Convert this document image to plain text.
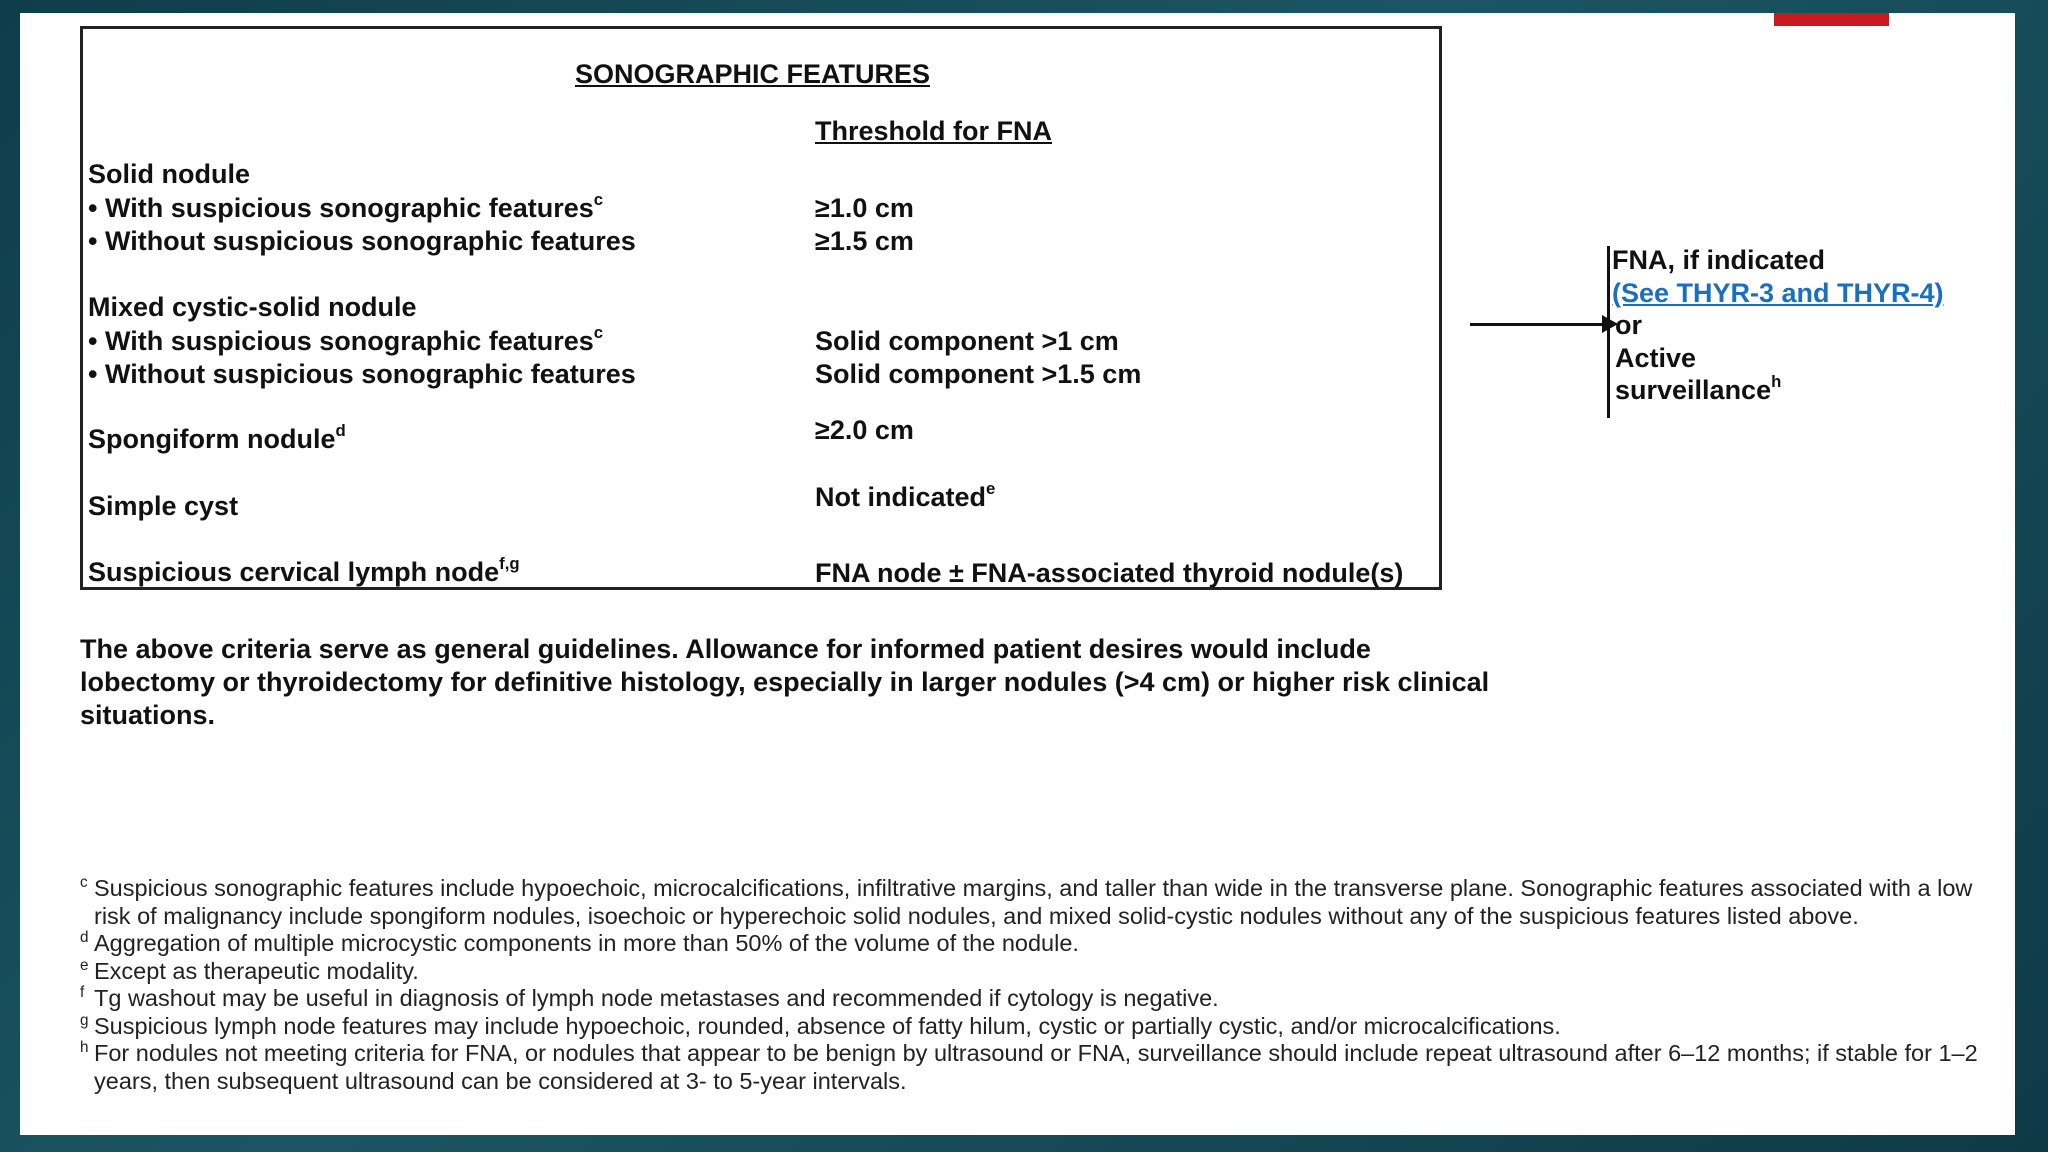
SONOGRAPHIC FEATURES
Threshold for FNA
Solid nodule
• With suspicious sonographic features$^c$	≥1.0 cm
• Without suspicious sonographic features	≥1.5 cm
Mixed cystic-solid nodule
• With suspicious sonographic features$^c$	Solid component >1 cm
• Without suspicious sonographic features	Solid component >1.5 cm
Spongiform nodule$^d$	≥2.0 cm
Simple cyst	Not indicated$^e$
Suspicious cervical lymph node$^{f,g}$	FNA node ± FNA-associated thyroid nodule(s)
FNA, if indicated
(See THYR-3 and THYR-4)
or
Active
surveillance$^h$
The above criteria serve as general guidelines. Allowance for informed patient desires would include lobectomy or thyroidectomy for definitive histology, especially in larger nodules (>4 cm) or higher risk clinical situations.
c Suspicious sonographic features include hypoechoic, microcalcifications, infiltrative margins, and taller than wide in the transverse plane. Sonographic features associated with a low risk of malignancy include spongiform nodules, isoechoic or hyperechoic solid nodules, and mixed solid-cystic nodules without any of the suspicious features listed above.
d Aggregation of multiple microcystic components in more than 50% of the volume of the nodule.
e Except as therapeutic modality.
f Tg washout may be useful in diagnosis of lymph node metastases and recommended if cytology is negative.
g Suspicious lymph node features may include hypoechoic, rounded, absence of fatty hilum, cystic or partially cystic, and/or microcalcifications.
h For nodules not meeting criteria for FNA, or nodules that appear to be benign by ultrasound or FNA, surveillance should include repeat ultrasound after 6–12 months; if stable for 1–2 years, then subsequent ultrasound can be considered at 3- to 5-year intervals.
